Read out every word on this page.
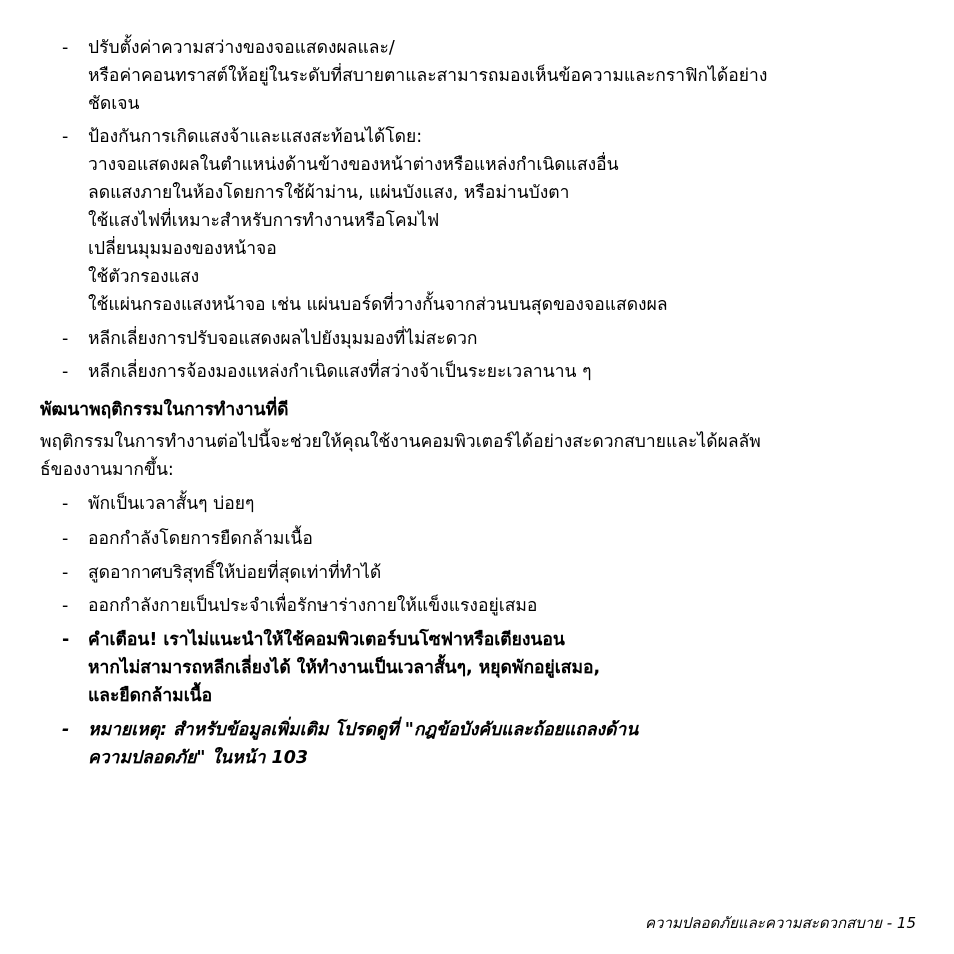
-	ปรับตั้งค่าความสว่างของจอแสดงผลและ/
หรือค่าคอนทราสต์ให้อยู่ในระดับที่สบายตาและสามารถมองเห็นข้อความและกราฟิกได้อย่าง
ชัดเจน
-	ป้องกันการเกิดแสงจ้าและแสงสะท้อนได้โดย:
วางจอแสดงผลในตำแหน่งด้านข้างของหน้าต่างหรือแหล่งกำเนิดแสงอื่น
ลดแสงภายในห้องโดยการใช้ผ้าม่าน, แผ่นบังแสง, หรือม่านบังตา
ใช้แสงไฟที่เหมาะสำหรับการทำงานหรือโคมไฟ
เปลี่ยนมุมมองของหน้าจอ
ใช้ตัวกรองแสง
ใช้แผ่นกรองแสงหน้าจอ เช่น แผ่นบอร์ดที่วางกั้นจากส่วนบนสุดของจอแสดงผล
-	หลีกเลี่ยงการปรับจอแสดงผลไปยังมุมมองที่ไม่สะดวก
-	หลีกเลี่ยงการจ้องมองแหล่งกำเนิดแสงที่สว่างจ้าเป็นระยะเวลานาน ๆ
พัฒนาพฤติกรรมในการทำงานที่ดี
พฤติกรรมในการทำงานต่อไปนี้จะช่วยให้คุณใช้งานคอมพิวเตอร์ได้อย่างสะดวกสบายและได้ผลลัพ
ธ์ของงานมากขึ้น:
-	พักเป็นเวลาสั้นๆ บ่อยๆ
-	ออกกำลังโดยการยืดกล้ามเนื้อ
-	สูดอากาศบริสุทธิ์ให้บ่อยที่สุดเท่าที่ทำได้
-	ออกกำลังกายเป็นประจำเพื่อรักษาร่างกายให้แข็งแรงอยู่เสมอ
-	คำเตือน! เราไม่แนะนำให้ใช้คอมพิวเตอร์บนโซฟาหรือเตียงนอน
หากไม่สามารถหลีกเลี่ยงได้ ให้ทำงานเป็นเวลาสั้นๆ, หยุดพักอยู่เสมอ,
และยืดกล้ามเนื้อ
-	หมายเหตุ: สำหรับข้อมูลเพิ่มเติม โปรดดูที่ "กฎข้อบังคับและถ้อยแถลงด้าน
ความปลอดภัย" ในหน้า 103
ความปลอดภัยและความสะดวกสบาย - 15
